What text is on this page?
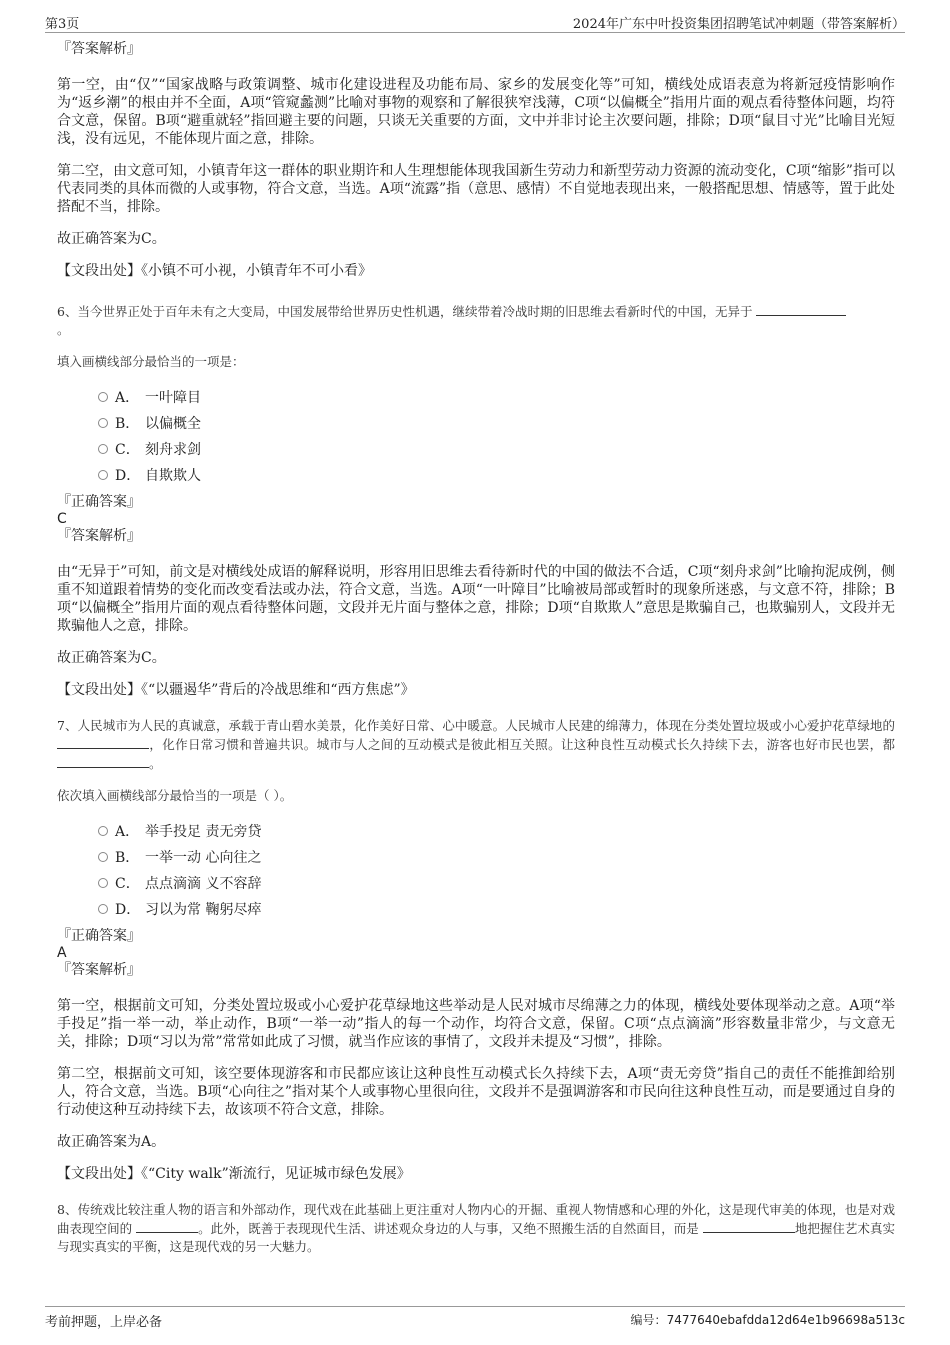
第3页	2024年广东中叶投资集团招聘笔试冲刺题（带答案解析）
『答案解析』

第一空，由“仅”“国家战略与政策调整、城市化建设进程及功能布局、家乡的发展变化等”可知，横线处成语表意为将新冠疫情影响作为“返乡潮”的根由并不全面，A项“管窥蠡测”比喻对事物的观察和了解很狭窄浅薄，C项“以偏概全”指用片面的观点看待整体问题，均符合文意，保留。B项“避重就轻”指回避主要的问题，只谈无关重要的方面，文中并非讨论主次要问题，排除；D项“鼠目寸光”比喻目光短浅，没有远见，不能体现片面之意，排除。

第二空，由文意可知，小镇青年这一群体的职业期许和人生理想能体现我国新生劳动力和新型劳动力资源的流动变化，C项“缩影”指可以代表同类的具体而微的人或事物，符合文意，当选。A项“流露”指（意思、感情）不自觉地表现出来，一般搭配思想、情感等，置于此处搭配不当，排除。

故正确答案为C。

【文段出处】《小镇不可小视，小镇青年不可小看》

6、当今世界正处于百年未有之大变局，中国发展带给世界历史性机遇，继续带着冷战时期的旧思维去看新时代的中国，无异于
。

填入画横线部分最恰当的一项是：

A． 一叶障目
B． 以偏概全
C． 刻舟求剑
D． 自欺欺人
『正确答案』
C
『答案解析』

由“无异于”可知，前文是对横线处成语的解释说明，形容用旧思维去看待新时代的中国的做法不合适，C项“刻舟求剑”比喻拘泥成例，侧重不知道跟着情势的变化而改变看法或办法，符合文意，当选。A项“一叶障目”比喻被局部或暂时的现象所迷惑，与文意不符，排除；B项“以偏概全”指用片面的观点看待整体问题，文段并无片面与整体之意，排除；D项“自欺欺人”意思是欺骗自己，也欺骗别人，文段并无欺骗他人之意，排除。

故正确答案为C。

【文段出处】《“以疆遏华”背后的冷战思维和“西方焦虑”》

7、人民城市为人民的真诚意，承载于青山碧水美景，化作美好日常、心中暖意。人民城市人民建的绵薄力，体现在分类处置垃圾或小心爱护花草绿地的 ，化作日常习惯和普遍共识。城市与人之间的互动模式是彼此相互关照。让这种良性互动模式长久持续下去，游客也好市民也罢，都 。

依次填入画横线部分最恰当的一项是（ ）。

A． 举手投足 责无旁贷
B． 一举一动 心向往之
C． 点点滴滴 义不容辞
D． 习以为常 鞠躬尽瘁
『正确答案』
A
『答案解析』

第一空，根据前文可知，分类处置垃圾或小心爱护花草绿地这些举动是人民对城市尽绵薄之力的体现，横线处要体现举动之意。A项“举手投足”指一举一动，举止动作，B项“一举一动”指人的每一个动作，均符合文意，保留。C项“点点滴滴”形容数量非常少，与文意无关，排除；D项“习以为常”常常如此成了习惯，就当作应该的事情了，文段并未提及“习惯”，排除。

第二空，根据前文可知，该空要体现游客和市民都应该让这种良性互动模式长久持续下去，A项“责无旁贷”指自己的责任不能推卸给别人，符合文意，当选。B项“心向往之”指对某个人或事物心里很向往，文段并不是强调游客和市民向往这种良性互动，而是要通过自身的行动使这种互动持续下去，故该项不符合文意，排除。

故正确答案为A。

【文段出处】《“City walk”渐流行，见证城市绿色发展》

8、传统戏比较注重人物的语言和外部动作，现代戏在此基础上更注重对人物内心的开掘、重视人物情感和心理的外化，这是现代审美的体现，也是对戏曲表现空间的	。此外，既善于表现现代生活、讲述观众身边的人与事，又绝不照搬生活的自然面目，而是	地把握住艺术真实与现实真实的平衡，这是现代戏的另一大魅力。

考前押题，上岸必备	编号：7477640ebafdda12d64e1b96698a513c
